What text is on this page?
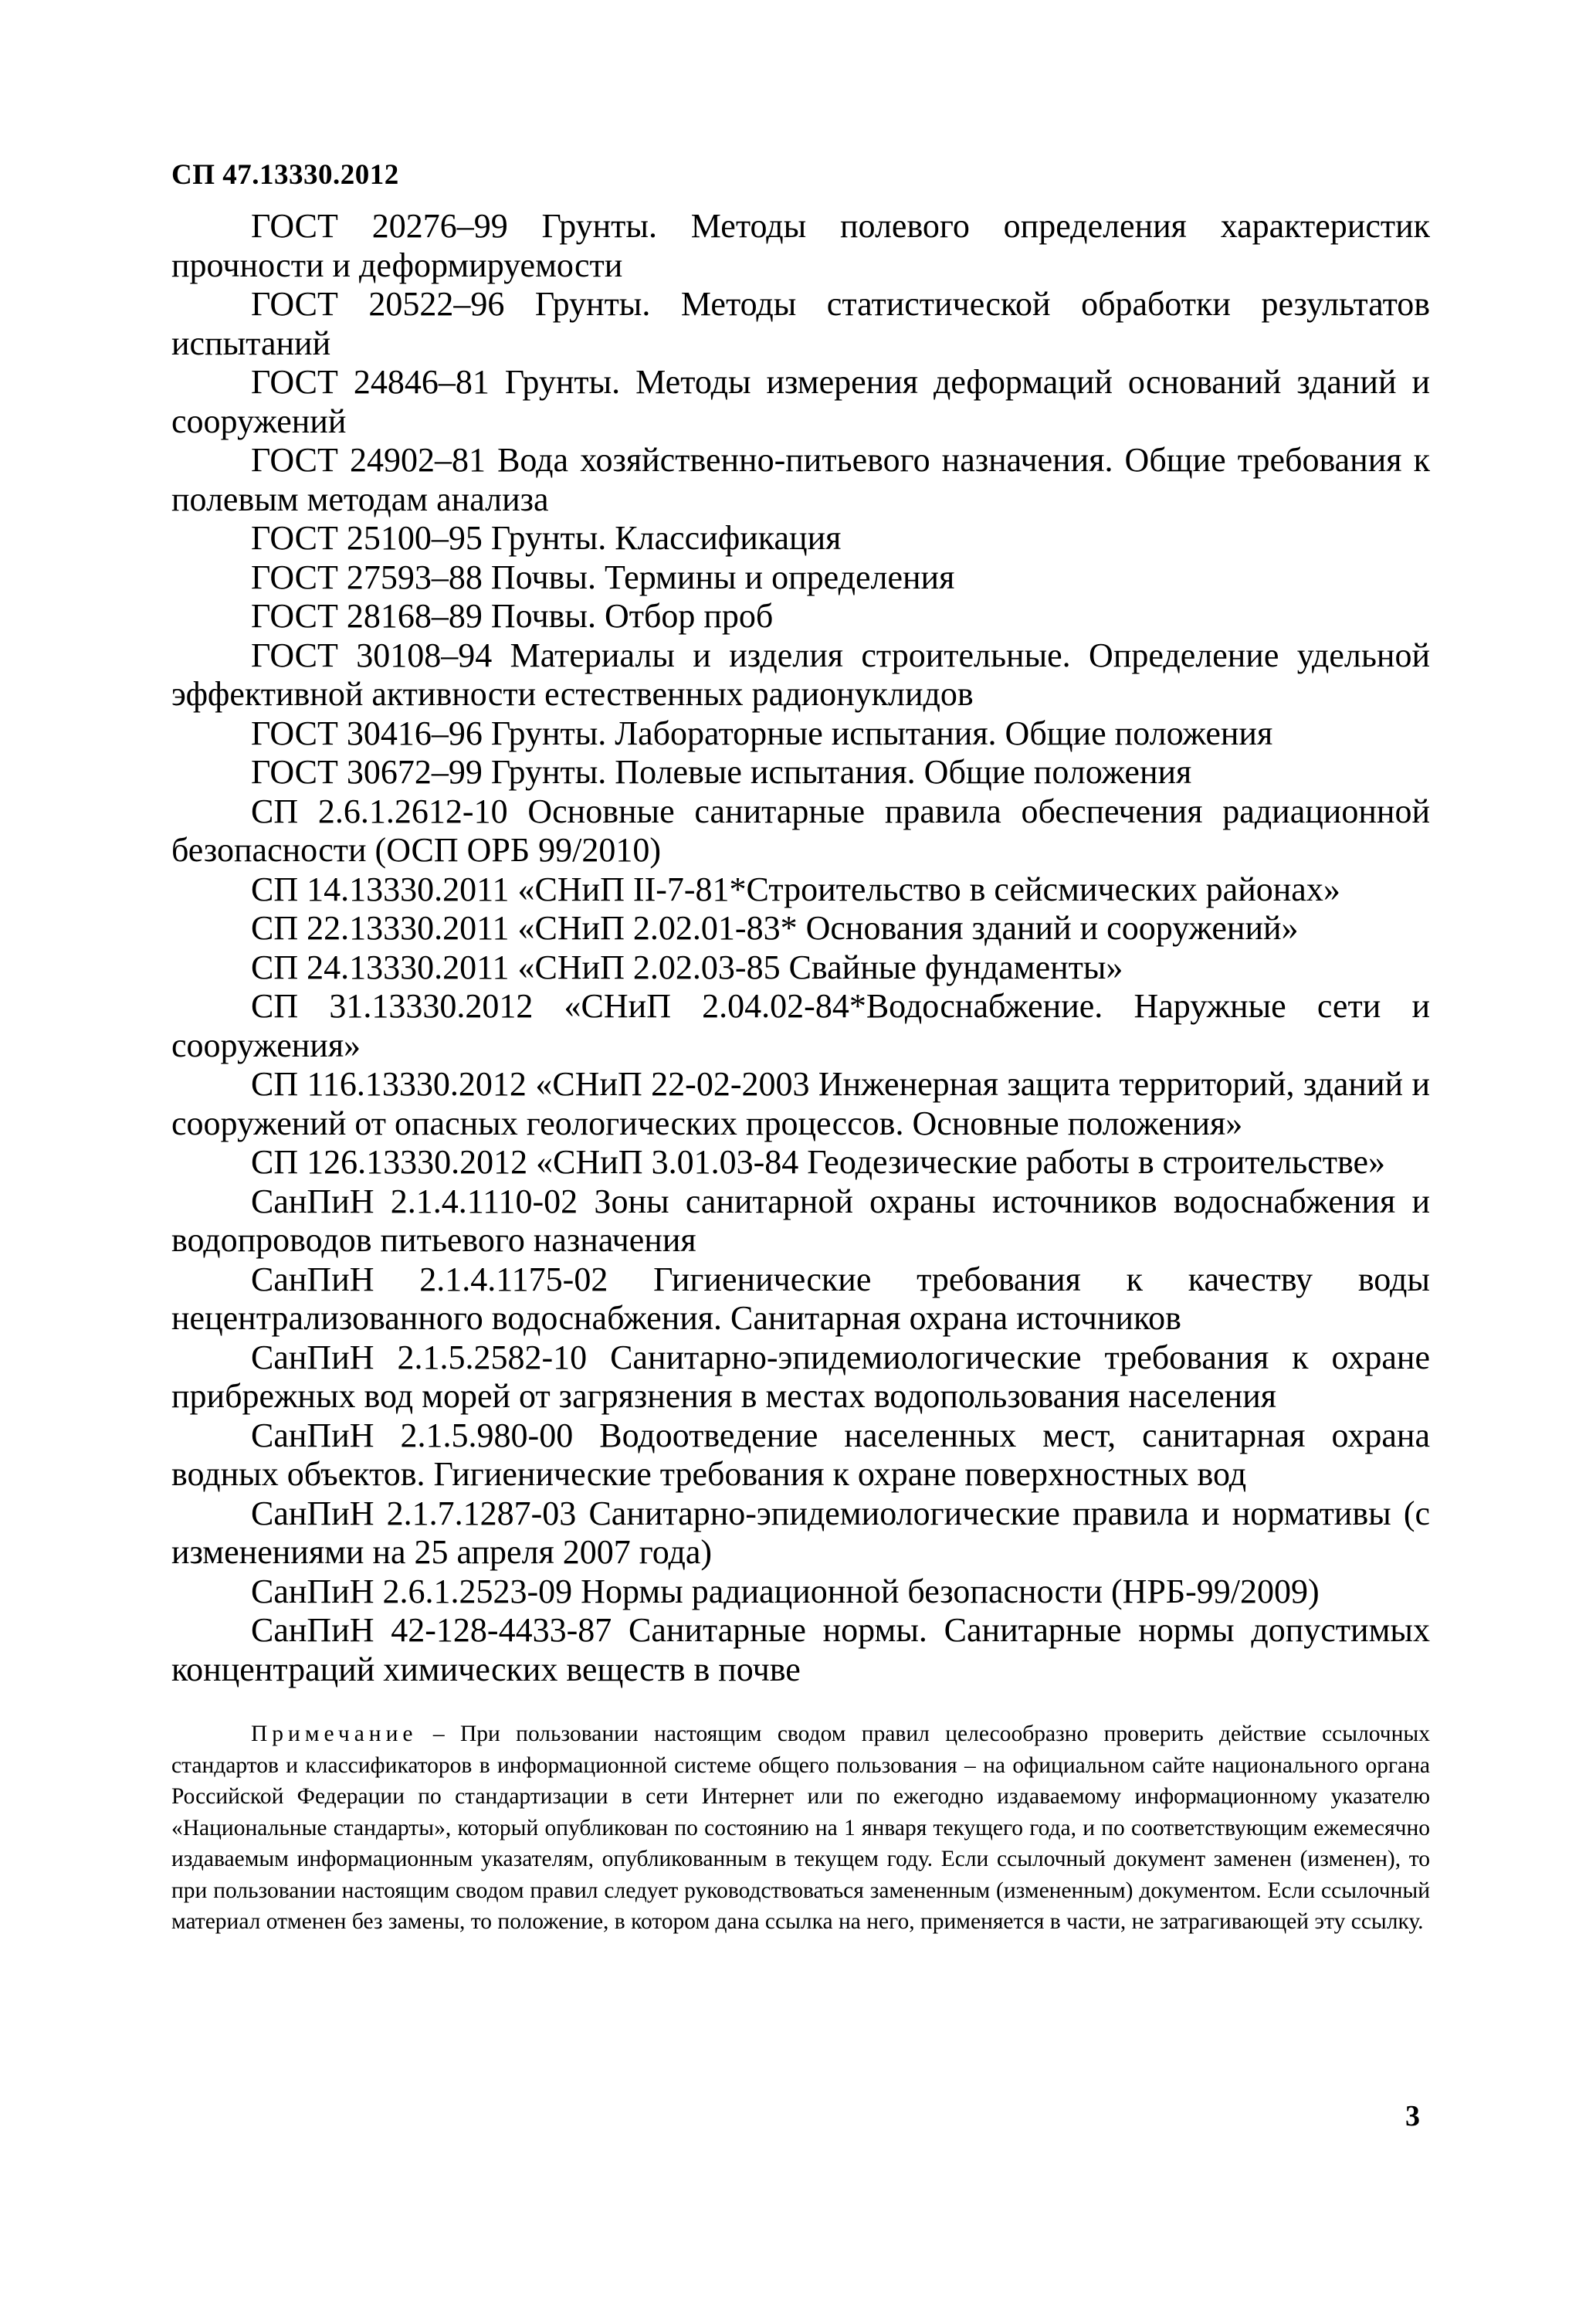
СП 47.13330.2012

ГОСТ 20276–99 Грунты. Методы полевого определения характеристик прочности и деформируемости

ГОСТ 20522–96 Грунты. Методы статистической обработки результатов испытаний

ГОСТ 24846–81 Грунты. Методы измерения деформаций оснований зданий и сооружений

ГОСТ 24902–81 Вода хозяйственно-питьевого назначения. Общие требования к полевым методам анализа

ГОСТ 25100–95 Грунты. Классификация

ГОСТ 27593–88 Почвы. Термины и определения

ГОСТ 28168–89 Почвы. Отбор проб

ГОСТ 30108–94 Материалы и изделия строительные. Определение удельной эффективной активности естественных радионуклидов

ГОСТ 30416–96 Грунты. Лабораторные испытания. Общие положения

ГОСТ 30672–99 Грунты. Полевые испытания. Общие положения

СП 2.6.1.2612-10 Основные санитарные правила обеспечения радиационной безопасности (ОСП ОРБ 99/2010)

СП 14.13330.2011 «СНиП II-7-81*Строительство в сейсмических районах»

СП 22.13330.2011 «СНиП 2.02.01-83* Основания зданий и сооружений»

СП 24.13330.2011 «СНиП 2.02.03-85 Свайные фундаменты»

СП 31.13330.2012 «СНиП 2.04.02-84*Водоснабжение. Наружные сети и сооружения»

СП 116.13330.2012 «СНиП 22-02-2003 Инженерная защита территорий, зданий и сооружений от опасных геологических процессов. Основные положения»

СП 126.13330.2012 «СНиП 3.01.03-84 Геодезические работы в строительстве»

СанПиН 2.1.4.1110-02 Зоны санитарной охраны источников водоснабжения и водопроводов питьевого назначения

СанПиН 2.1.4.1175-02 Гигиенические требования к качеству воды нецентрализованного водоснабжения. Санитарная охрана источников

СанПиН 2.1.5.2582-10 Санитарно-эпидемиологические требования к охране прибрежных вод морей от загрязнения в местах водопользования населения

СанПиН 2.1.5.980-00 Водоотведение населенных мест, санитарная охрана водных объектов. Гигиенические требования к охране поверхностных вод

СанПиН 2.1.7.1287-03 Санитарно-эпидемиологические правила и нормативы (с изменениями на 25 апреля 2007 года)

СанПиН 2.6.1.2523-09 Нормы радиационной безопасности (НРБ-99/2009)

СанПиН 42-128-4433-87 Санитарные нормы. Санитарные нормы допустимых концентраций химических веществ в почве

Примечание – При пользовании настоящим сводом правил целесообразно проверить действие ссылочных стандартов и классификаторов в информационной системе общего пользования – на официальном сайте национального органа Российской Федерации по стандартизации в сети Интернет или по ежегодно издаваемому информационному указателю «Национальные стандарты», который опубликован по состоянию на 1 января текущего года, и по соответствующим ежемесячно издаваемым информационным указателям, опубликованным в текущем году. Если ссылочный документ заменен (изменен), то при пользовании настоящим сводом правил следует руководствоваться замененным (измененным) документом. Если ссылочный материал отменен без замены, то положение, в котором дана ссылка на него, применяется в части, не затрагивающей эту ссылку.

3
